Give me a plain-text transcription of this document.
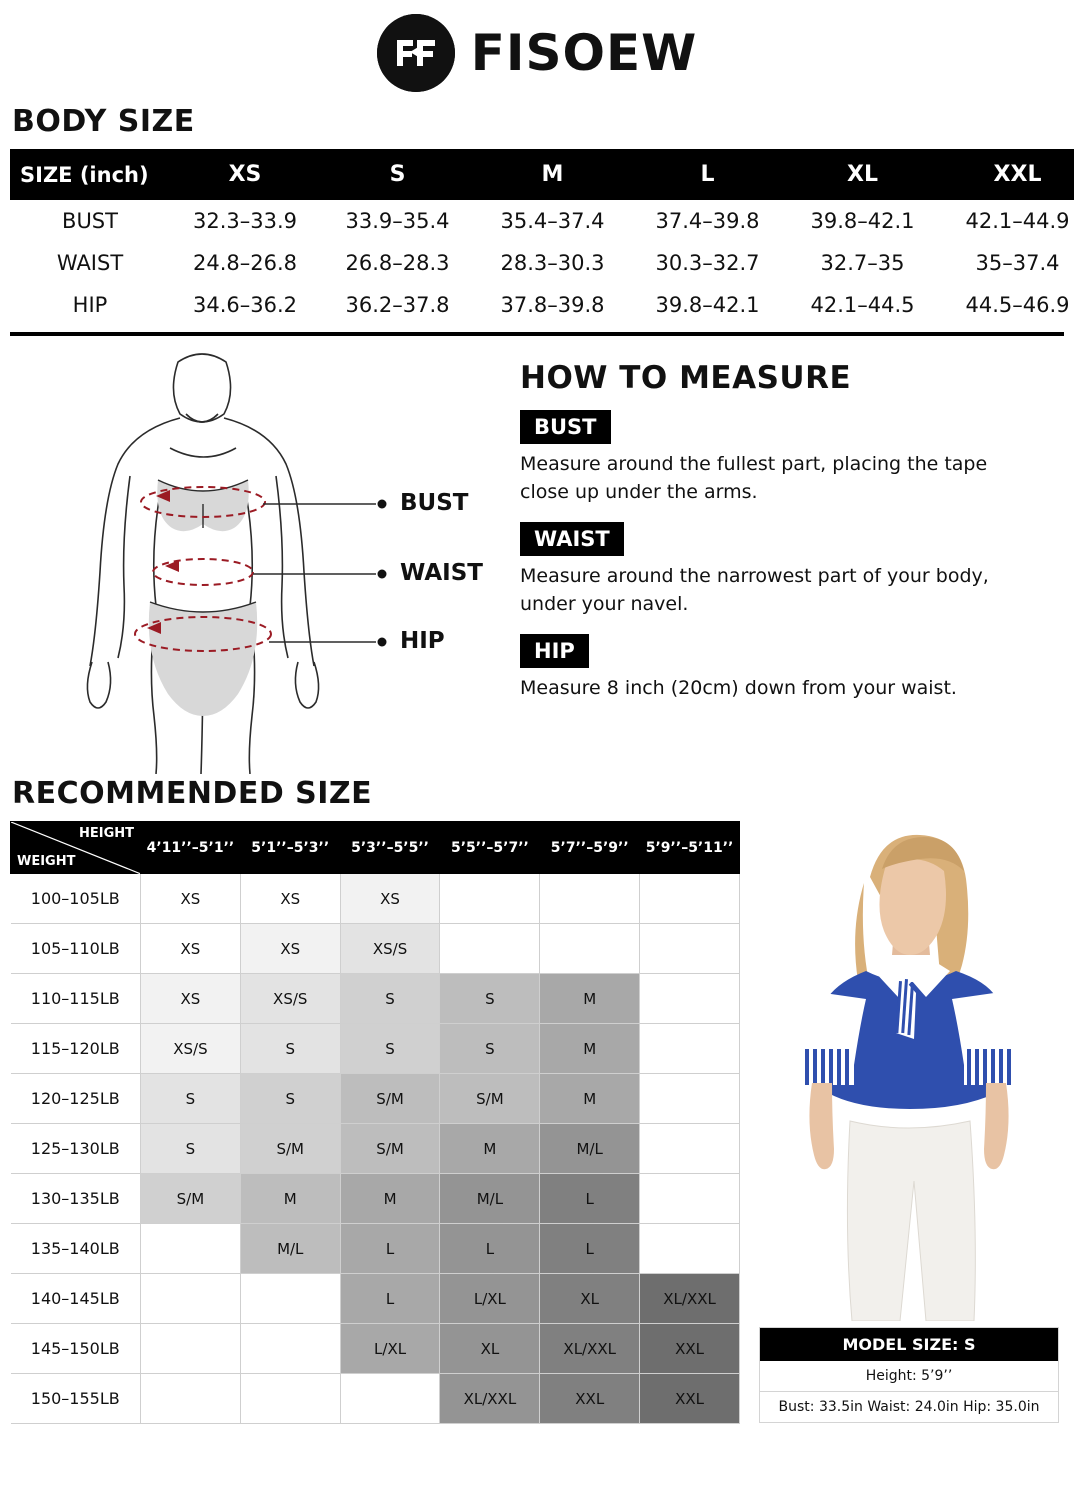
FISOEW
BODY SIZE
SIZE (inch)	XS	S	M	L	XL	XXL
BUST	32.3–33.9	33.9–35.4	35.4–37.4	37.4–39.8	39.8–42.1	42.1–44.9
WAIST	24.8–26.8	26.8–28.3	28.3–30.3	30.3–32.7	32.7–35	35–37.4
HIP	34.6–36.2	36.2–37.8	37.8–39.8	39.8–42.1	42.1–44.5	44.5–46.9
BUST
WAIST
HIP
HOW TO MEASURE
BUST

Measure around the fullest part, placing the tape close up under the arms.

WAIST

Measure around the narrowest part of your body, under your navel.

HIP

Measure 8 inch (20cm) down from your waist.

RECOMMENDED SIZE
HEIGHT
WEIGHT	4’11’’–5’1’’	5’1’’–5’3’’	5’3’’–5’5’’	5’5’’–5’7’’	5’7’’–5’9’’	5’9’’–5’11’’
100–105LB	XS	XS	XS			
105–110LB	XS	XS	XS/S			
110–115LB	XS	XS/S	S	S	M	
115–120LB	XS/S	S	S	S	M	
120–125LB	S	S	S/M	S/M	M	
125–130LB	S	S/M	S/M	M	M/L	
130–135LB	S/M	M	M	M/L	L	
135–140LB		M/L	L	L	L	
140–145LB			L	L/XL	XL	XL/XXL
145–150LB			L/XL	XL	XL/XXL	XXL
150–155LB				XL/XXL	XXL	XXL
MODEL SIZE: S
Height: 5’9’’
Bust: 33.5in Waist: 24.0in Hip: 35.0in
